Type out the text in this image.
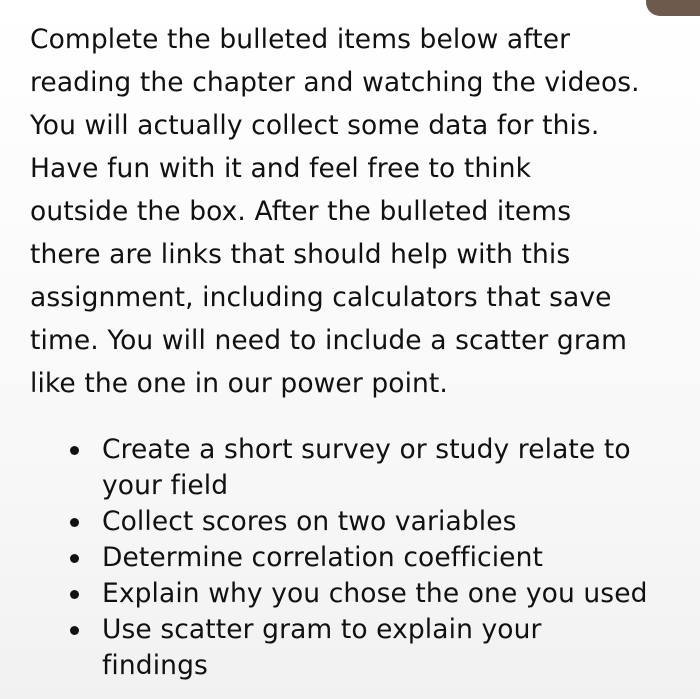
Complete the bulleted items below after
reading the chapter and watching the videos.
You will actually collect some data for this.
Have fun with it and feel free to think
outside the box. After the bulleted items
there are links that should help with this
assignment, including calculators that save
time. You will need to include a scatter gram
like the one in our power point.

Create a short survey or study relate to
your field
Collect scores on two variables
Determine correlation coefficient
Explain why you chose the one you used
Use scatter gram to explain your
findings
